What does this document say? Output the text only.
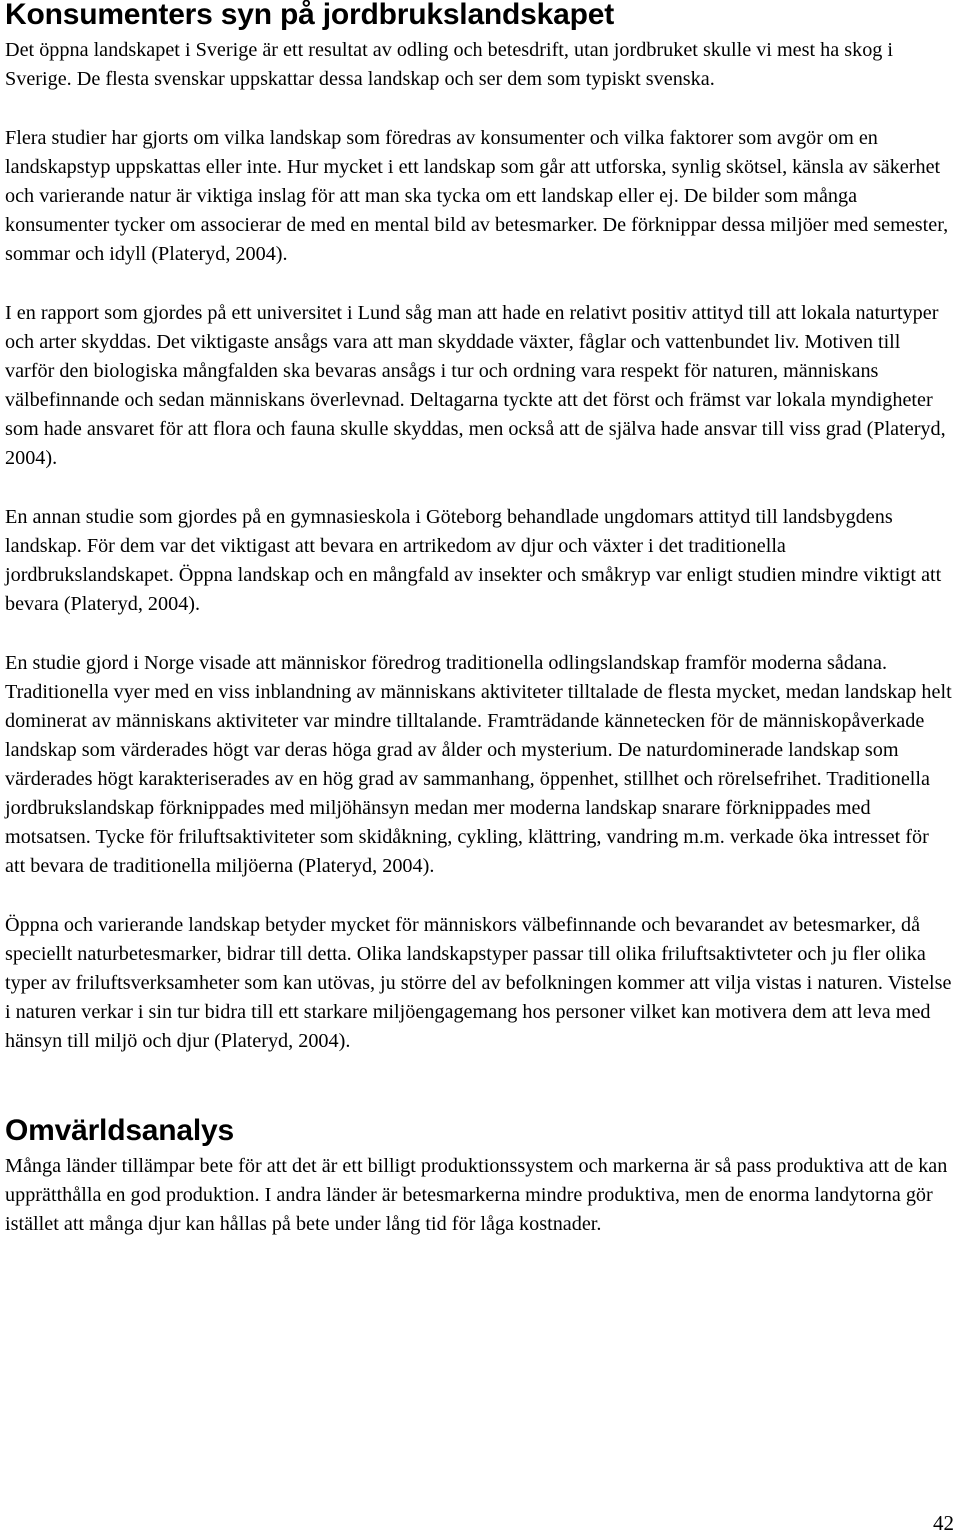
Konsumenters syn på jordbrukslandskapet

Det öppna landskapet i Sverige är ett resultat av odling och betesdrift, utan jordbruket skulle vi mest ha skog i Sverige. De flesta svenskar uppskattar dessa landskap och ser dem som typiskt svenska.

Flera studier har gjorts om vilka landskap som föredras av konsumenter och vilka faktorer som avgör om en landskapstyp uppskattas eller inte. Hur mycket i ett landskap som går att utforska, synlig skötsel, känsla av säkerhet och varierande natur är viktiga inslag för att man ska tycka om ett landskap eller ej. De bilder som många konsumenter tycker om associerar de med en mental bild av betesmarker. De förknippar dessa miljöer med semester, sommar och idyll (Plateryd, 2004).

I en rapport som gjordes på ett universitet i Lund såg man att hade en relativt positiv attityd till att lokala naturtyper och arter skyddas. Det viktigaste ansågs vara att man skyddade växter, fåglar och vattenbundet liv. Motiven till varför den biologiska mångfalden ska bevaras ansågs i tur och ordning vara respekt för naturen, människans välbefinnande och sedan människans överlevnad. Deltagarna tyckte att det först och främst var lokala myndigheter som hade ansvaret för att flora och fauna skulle skyddas, men också att de själva hade ansvar till viss grad (Plateryd, 2004).

En annan studie som gjordes på en gymnasieskola i Göteborg behandlade ungdomars attityd till landsbygdens landskap. För dem var det viktigast att bevara en artrikedom av djur och växter i det traditionella jordbrukslandskapet. Öppna landskap och en mångfald av insekter och småkryp var enligt studien mindre viktigt att bevara (Plateryd, 2004).

En studie gjord i Norge visade att människor föredrog traditionella odlingslandskap framför moderna sådana. Traditionella vyer med en viss inblandning av människans aktiviteter tilltalade de flesta mycket, medan landskap helt dominerat av människans aktiviteter var mindre tilltalande. Framträdande kännetecken för de människopåverkade landskap som värderades högt var deras höga grad av ålder och mysterium. De naturdominerade landskap som värderades högt karakteriserades av en hög grad av sammanhang, öppenhet, stillhet och rörelsefrihet. Traditionella jordbrukslandskap förknippades med miljöhänsyn medan mer moderna landskap snarare förknippades med motsatsen. Tycke för friluftsaktiviteter som skidåkning, cykling, klättring, vandring m.m. verkade öka intresset för att bevara de traditionella miljöerna (Plateryd, 2004).

Öppna och varierande landskap betyder mycket för människors välbefinnande och bevarandet av betesmarker, då speciellt naturbetesmarker, bidrar till detta. Olika landskapstyper passar till olika friluftsaktivteter och ju fler olika typer av friluftsverksamheter som kan utövas, ju större del av befolkningen kommer att vilja vistas i naturen. Vistelse i naturen verkar i sin tur bidra till ett starkare miljöengagemang hos personer vilket kan motivera dem att leva med hänsyn till miljö och djur (Plateryd, 2004).

Omvärldsanalys

Många länder tillämpar bete för att det är ett billigt produktionssystem och markerna är så pass produktiva att de kan upprätthålla en god produktion. I andra länder är betesmarkerna mindre produktiva, men de enorma landytorna gör istället att många djur kan hållas på bete under lång tid för låga kostnader.

42
